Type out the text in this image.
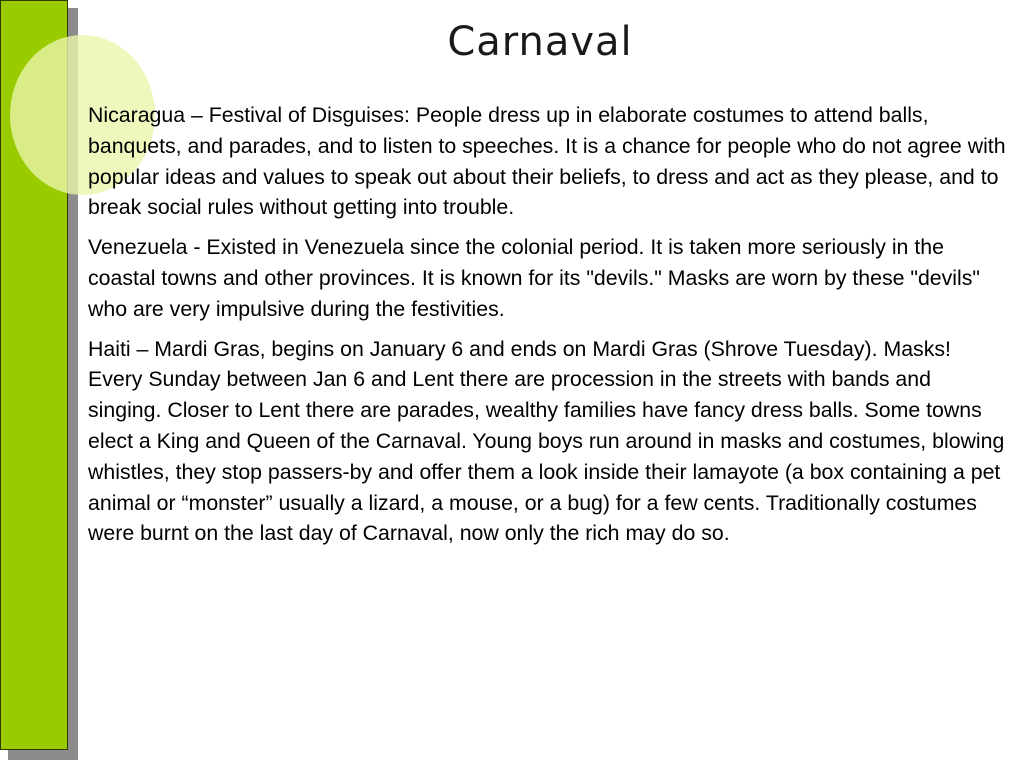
Carnaval

Nicaragua – Festival of Disguises: People dress up in elaborate costumes to attend balls, banquets, and parades, and to listen to speeches. It is a chance for people who do not agree with popular ideas and values to speak out about their beliefs, to dress and act as they please, and to break social rules without getting into trouble.

Venezuela - Existed in Venezuela since the colonial period. It is taken more seriously in the coastal towns and other provinces. It is known for its "devils." Masks are worn by these "devils" who are very impulsive during the festivities.

Haiti – Mardi Gras, begins on January 6 and ends on Mardi Gras (Shrove Tuesday). Masks! Every Sunday between Jan 6 and Lent there are procession in the streets with bands and singing. Closer to Lent there are parades, wealthy families have fancy dress balls. Some towns elect a King and Queen of the Carnaval. Young boys run around in masks and costumes, blowing whistles, they stop passers-by and offer them a look inside their lamayote (a box containing a pet animal or “monster” usually a lizard, a mouse, or a bug) for a few cents. Traditionally costumes were burnt on the last day of Carnaval, now only the rich may do so.
